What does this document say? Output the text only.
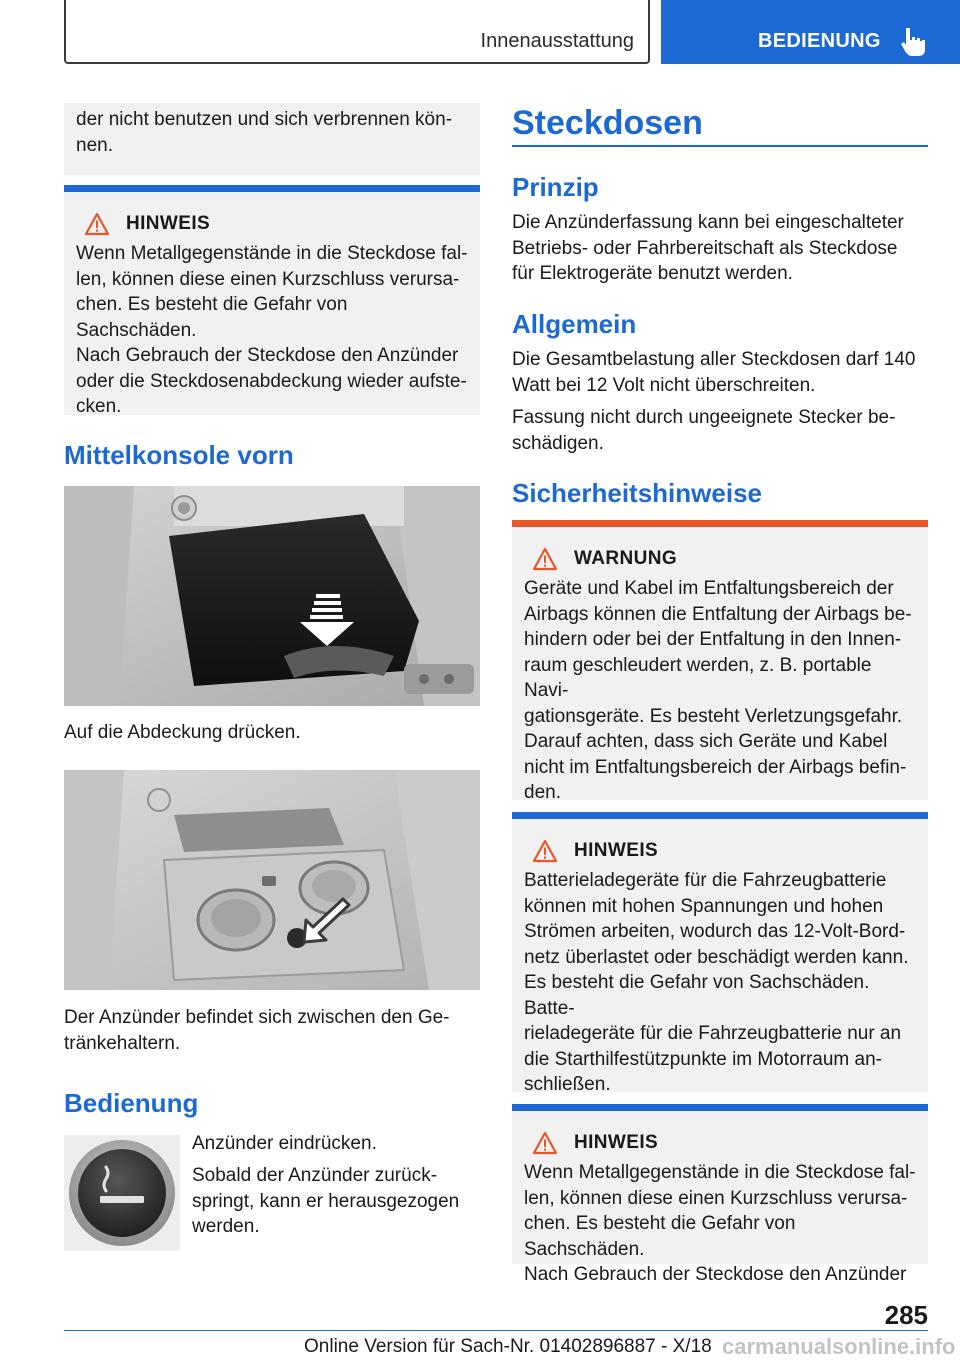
Innenausstattung	BEDIENUNG
der nicht benutzen und sich verbrennen kön-
nen.
HINWEIS
Wenn Metallgegenstände in die Steckdose fal-
len, können diese einen Kurzschluss verursa-
chen. Es besteht die Gefahr von Sachschäden.
Nach Gebrauch der Steckdose den Anzünder
oder die Steckdosenabdeckung wieder aufste-
cken.
Mittelkonsole vorn
Auf die Abdeckung drücken.
Der Anzünder befindet sich zwischen den Ge-
tränkehaltern.
Bedienung
Anzünder eindrücken.
Sobald der Anzünder zurück-
springt, kann er herausgezogen
werden.
Steckdosen
Prinzip
Die Anzünderfassung kann bei eingeschalteter
Betriebs- oder Fahrbereitschaft als Steckdose
für Elektrogeräte benutzt werden.
Allgemein
Die Gesamtbelastung aller Steckdosen darf 140
Watt bei 12 Volt nicht überschreiten.
Fassung nicht durch ungeeignete Stecker be-
schädigen.
Sicherheitshinweise
WARNUNG
Geräte und Kabel im Entfaltungsbereich der
Airbags können die Entfaltung der Airbags be-
hindern oder bei der Entfaltung in den Innen-
raum geschleudert werden, z. B. portable Navi-
gationsgeräte. Es besteht Verletzungsgefahr.
Darauf achten, dass sich Geräte und Kabel
nicht im Entfaltungsbereich der Airbags befin-
den.
HINWEIS
Batterieladegeräte für die Fahrzeugbatterie
können mit hohen Spannungen und hohen
Strömen arbeiten, wodurch das 12-Volt-Bord-
netz überlastet oder beschädigt werden kann.
Es besteht die Gefahr von Sachschäden. Batte-
rieladegeräte für die Fahrzeugbatterie nur an
die Starthilfestützpunkte im Motorraum an-
schließen.
HINWEIS
Wenn Metallgegenstände in die Steckdose fal-
len, können diese einen Kurzschluss verursa-
chen. Es besteht die Gefahr von Sachschäden.
Nach Gebrauch der Steckdose den Anzünder
285
Online Version für Sach-Nr. 01402896887 - X/18 carmanualsonline.info
